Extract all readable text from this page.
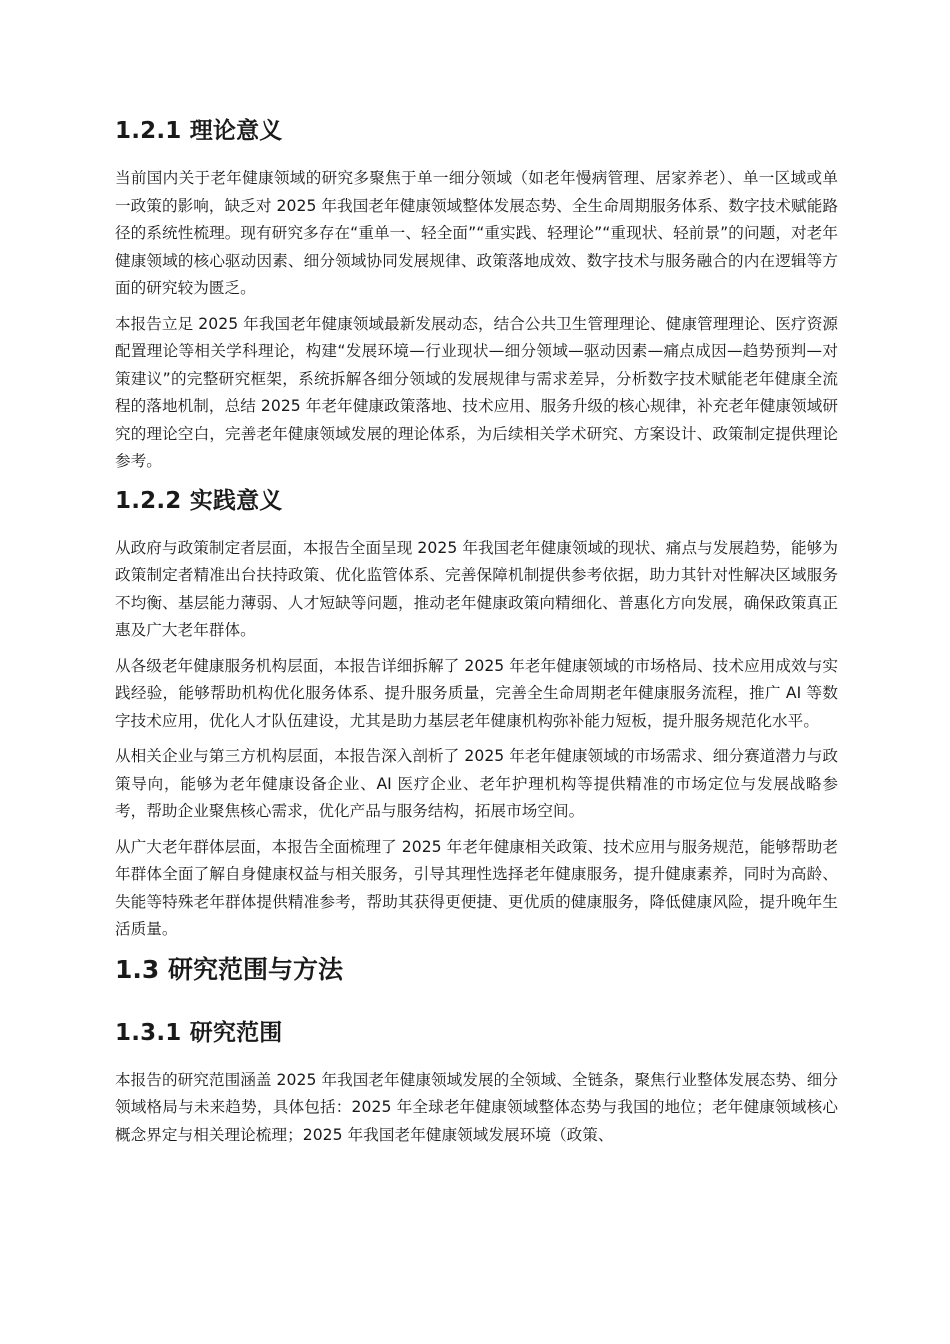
1.2.1 理论意义

当前国内关于老年健康领域的研究多聚焦于单一细分领域（如老年慢病管理、居家养老）、单一区域或单一政策的影响，缺乏对 2025 年我国老年健康领域整体发展态势、全生命周期服务体系、数字技术赋能路径的系统性梳理。现有研究多存在“重单一、轻全面”“重实践、轻理论”“重现状、轻前景”的问题，对老年健康领域的核心驱动因素、细分领域协同发展规律、政策落地成效、数字技术与服务融合的内在逻辑等方面的研究较为匮乏。

本报告立足 2025 年我国老年健康领域最新发展动态，结合公共卫生管理理论、健康管理理论、医疗资源配置理论等相关学科理论，构建“发展环境—行业现状—细分领域—驱动因素—痛点成因—趋势预判—对策建议”的完整研究框架，系统拆解各细分领域的发展规律与需求差异，分析数字技术赋能老年健康全流程的落地机制，总结 2025 年老年健康政策落地、技术应用、服务升级的核心规律，补充老年健康领域研究的理论空白，完善老年健康领域发展的理论体系，为后续相关学术研究、方案设计、政策制定提供理论参考。

1.2.2 实践意义

从政府与政策制定者层面，本报告全面呈现 2025 年我国老年健康领域的现状、痛点与发展趋势，能够为政策制定者精准出台扶持政策、优化监管体系、完善保障机制提供参考依据，助力其针对性解决区域服务不均衡、基层能力薄弱、人才短缺等问题，推动老年健康政策向精细化、普惠化方向发展，确保政策真正惠及广大老年群体。

从各级老年健康服务机构层面，本报告详细拆解了 2025 年老年健康领域的市场格局、技术应用成效与实践经验，能够帮助机构优化服务体系、提升服务质量，完善全生命周期老年健康服务流程，推广 AI 等数字技术应用，优化人才队伍建设，尤其是助力基层老年健康机构弥补能力短板，提升服务规范化水平。

从相关企业与第三方机构层面，本报告深入剖析了 2025 年老年健康领域的市场需求、细分赛道潜力与政策导向，能够为老年健康设备企业、AI 医疗企业、老年护理机构等提供精准的市场定位与发展战略参考，帮助企业聚焦核心需求，优化产品与服务结构，拓展市场空间。

从广大老年群体层面，本报告全面梳理了 2025 年老年健康相关政策、技术应用与服务规范，能够帮助老年群体全面了解自身健康权益与相关服务，引导其理性选择老年健康服务，提升健康素养，同时为高龄、失能等特殊老年群体提供精准参考，帮助其获得更便捷、更优质的健康服务，降低健康风险，提升晚年生活质量。

1.3 研究范围与方法
1.3.1 研究范围

本报告的研究范围涵盖 2025 年我国老年健康领域发展的全领域、全链条，聚焦行业整体发展态势、细分领域格局与未来趋势，具体包括：2025 年全球老年健康领域整体态势与我国的地位；老年健康领域核心概念界定与相关理论梳理；2025 年我国老年健康领域发展环境（政策、
